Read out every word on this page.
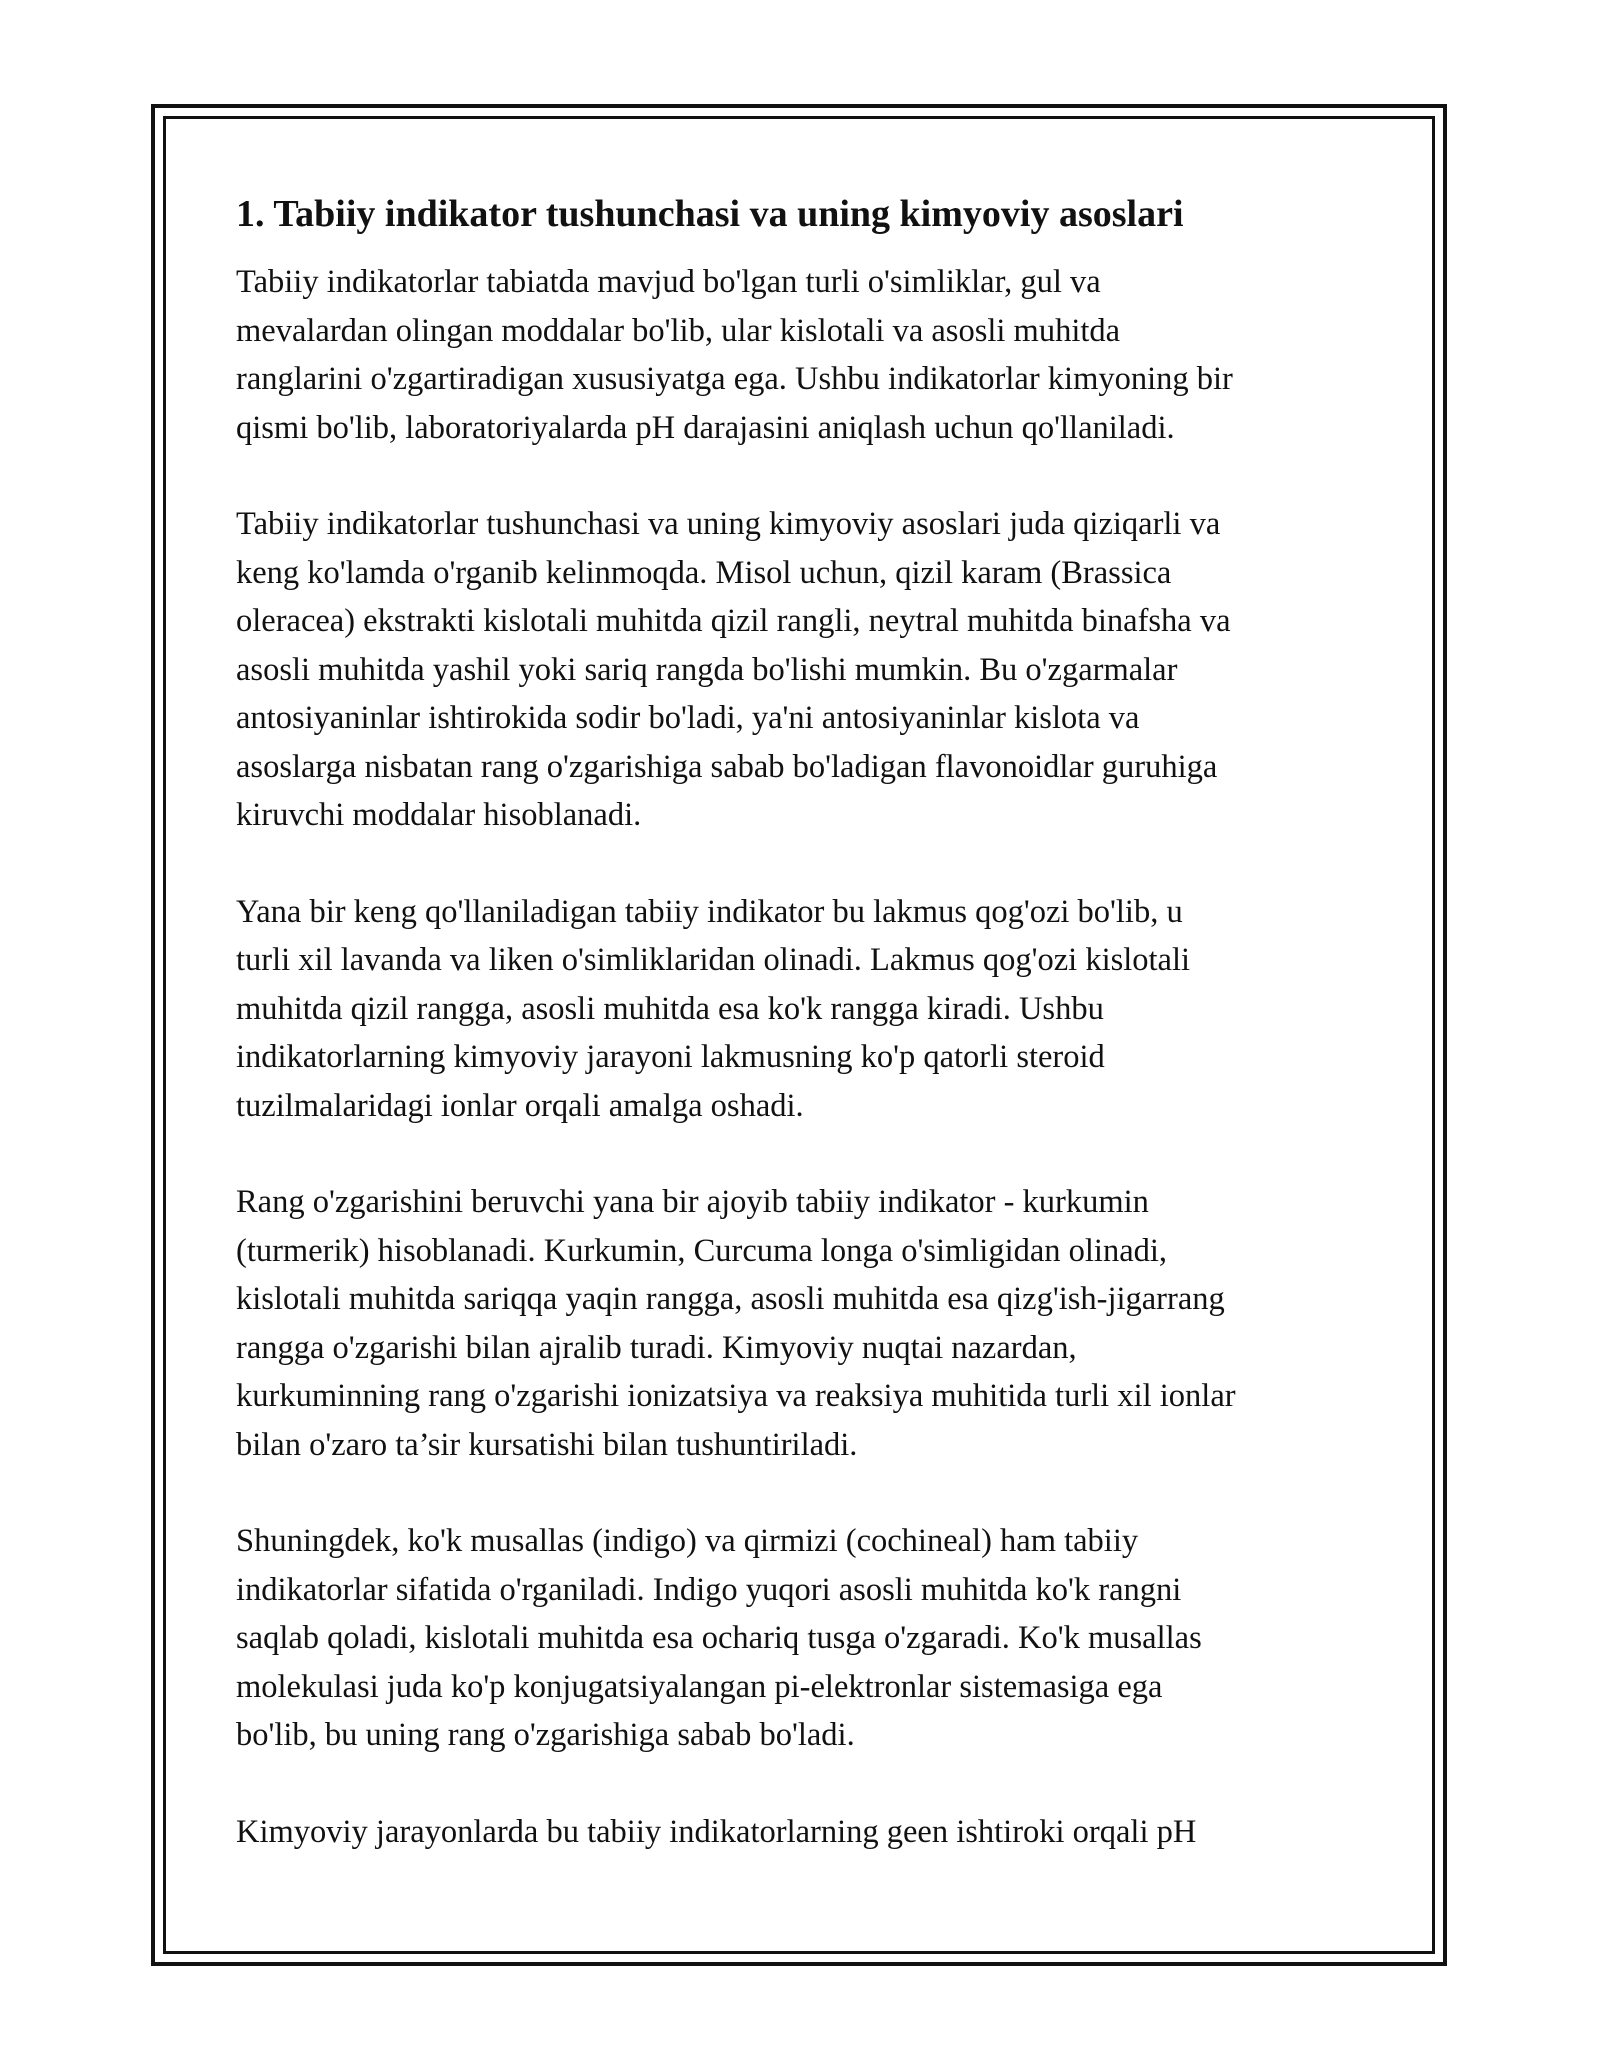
1. Tabiiy indikator tushunchasi va uning kimyoviy asoslari

Tabiiy indikatorlar tabiatda mavjud bo'lgan turli o'simliklar, gul va
mevalardan olingan moddalar bo'lib, ular kislotali va asosli muhitda
ranglarini o'zgartiradigan xususiyatga ega. Ushbu indikatorlar kimyoning bir
qismi bo'lib, laboratoriyalarda pH darajasini aniqlash uchun qo'llaniladi.

Tabiiy indikatorlar tushunchasi va uning kimyoviy asoslari juda qiziqarli va
keng ko'lamda o'rganib kelinmoqda. Misol uchun, qizil karam (Brassica
oleracea) ekstrakti kislotali muhitda qizil rangli, neytral muhitda binafsha va
asosli muhitda yashil yoki sariq rangda bo'lishi mumkin. Bu o'zgarmalar
antosiyaninlar ishtirokida sodir bo'ladi, ya'ni antosiyaninlar kislota va
asoslarga nisbatan rang o'zgarishiga sabab bo'ladigan flavonoidlar guruhiga
kiruvchi moddalar hisoblanadi.

Yana bir keng qo'llaniladigan tabiiy indikator bu lakmus qog'ozi bo'lib, u
turli xil lavanda va liken o'simliklaridan olinadi. Lakmus qog'ozi kislotali
muhitda qizil rangga, asosli muhitda esa ko'k rangga kiradi. Ushbu
indikatorlarning kimyoviy jarayoni lakmusning ko'p qatorli steroid
tuzilmalaridagi ionlar orqali amalga oshadi.

Rang o'zgarishini beruvchi yana bir ajoyib tabiiy indikator - kurkumin
(turmerik) hisoblanadi. Kurkumin, Curcuma longa o'simligidan olinadi,
kislotali muhitda sariqqa yaqin rangga, asosli muhitda esa qizg'ish-jigarrang
rangga o'zgarishi bilan ajralib turadi. Kimyoviy nuqtai nazardan,
kurkuminning rang o'zgarishi ionizatsiya va reaksiya muhitida turli xil ionlar
bilan o'zaro ta’sir kursatishi bilan tushuntiriladi.

Shuningdek, ko'k musallas (indigo) va qirmizi (cochineal) ham tabiiy
indikatorlar sifatida o'rganiladi. Indigo yuqori asosli muhitda ko'k rangni
saqlab qoladi, kislotali muhitda esa ochariq tusga o'zgaradi. Ko'k musallas
molekulasi juda ko'p konjugatsiyalangan pi-elektronlar sistemasiga ega
bo'lib, bu uning rang o'zgarishiga sabab bo'ladi.

Kimyoviy jarayonlarda bu tabiiy indikatorlarning geen ishtiroki orqali pH
